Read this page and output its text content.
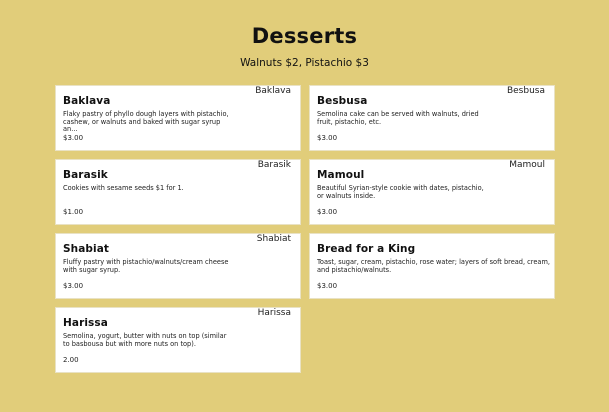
Desserts
Walnuts $2, Pistachio $3
Baklava
Baklava
Flaky pastry of phyllo dough layers with pistachio, cashew, or walnuts and baked with sugar syrup an...
$3.00
Besbusa
Besbusa
Semolina cake can be served with walnuts, dried fruit, pistachio, etc.
$3.00
Barasik
Barasik
Cookies with sesame seeds $1 for 1.
$1.00
Mamoul
Mamoul
Beautiful Syrian-style cookie with dates, pistachio, or walnuts inside.
$3.00
Shabiat
Shabiat
Fluffy pastry with pistachio/walnuts/cream cheese with sugar syrup.
$3.00
Bread for a King
Toast, sugar, cream, pistachio, rose water; layers of soft bread, cream, and pistachio/walnuts.
$3.00
Harissa
Harissa
Semolina, yogurt, butter with nuts on top (similar to basbousa but with more nuts on top).
2.00
